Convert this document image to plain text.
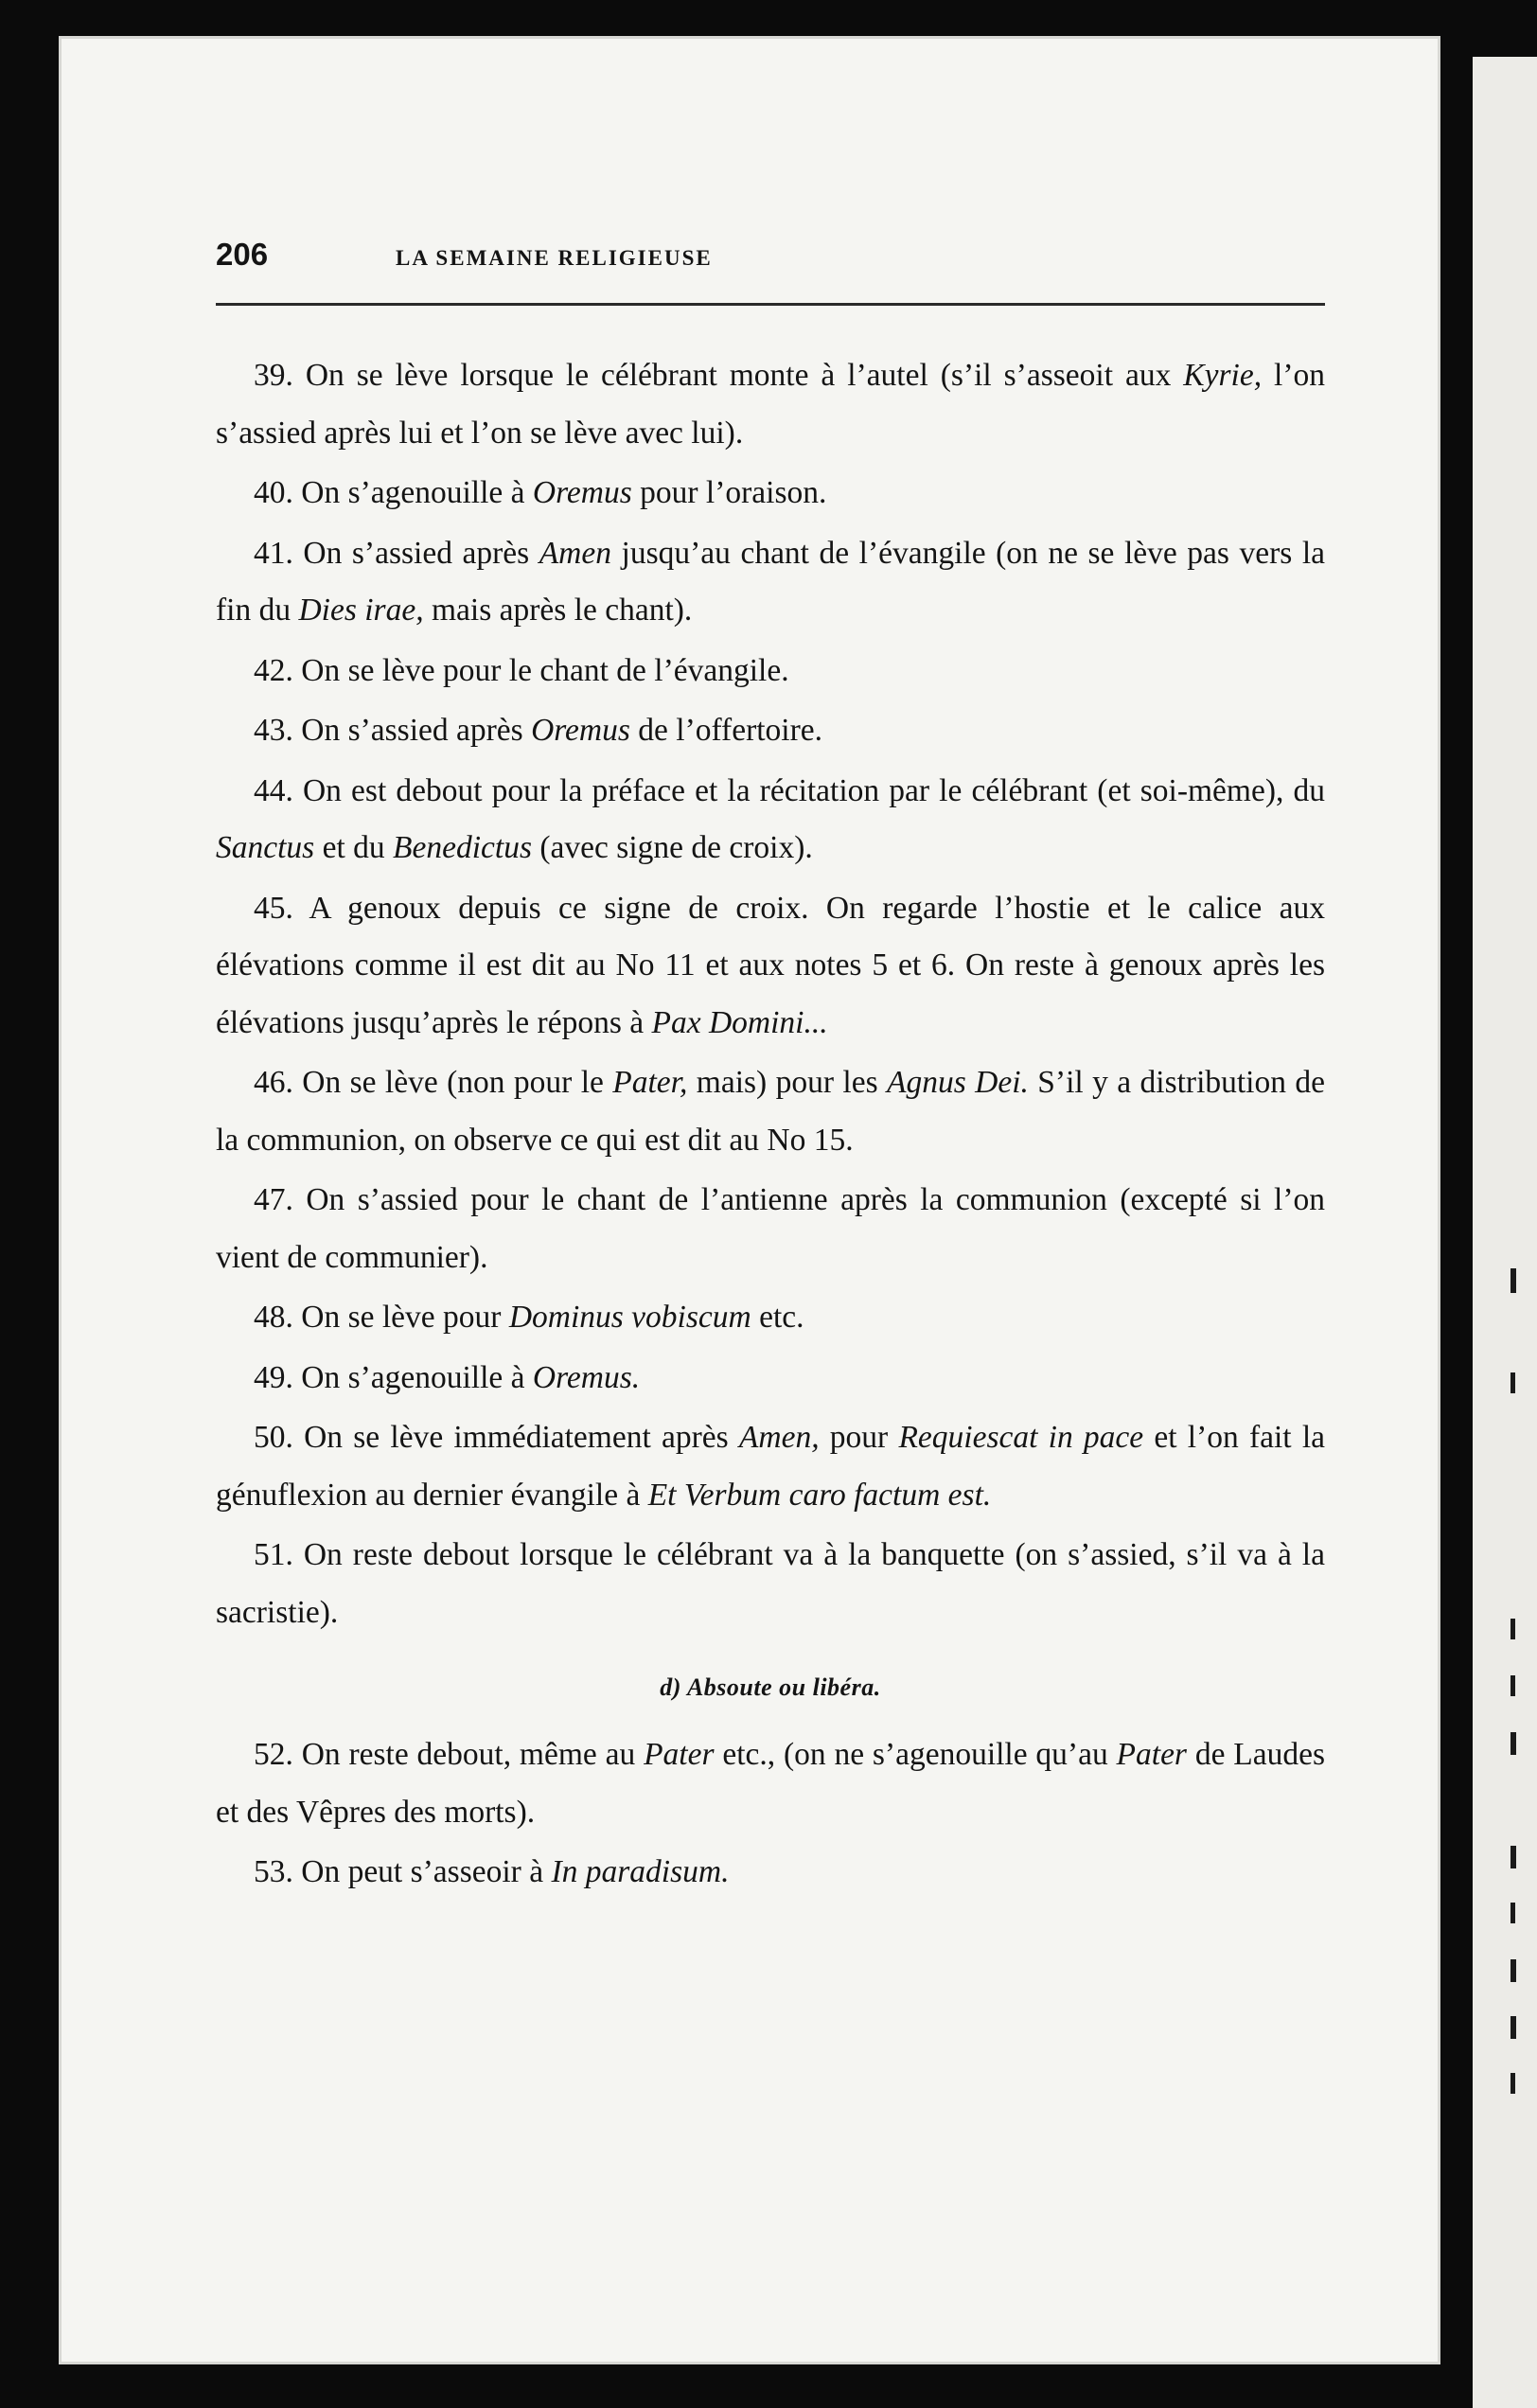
206	LA SEMAINE RELIGIEUSE

39. On se lève lorsque le célébrant monte à l’autel (s’il s’asseoit aux Kyrie, l’on s’assied après lui et l’on se lève avec lui).

40. On s’agenouille à Oremus pour l’oraison.

41. On s’assied après Amen jusqu’au chant de l’évangile (on ne se lève pas vers la fin du Dies irae, mais après le chant).

42. On se lève pour le chant de l’évangile.

43. On s’assied après Oremus de l’offertoire.

44. On est debout pour la préface et la récitation par le célébrant (et soi-même), du Sanctus et du Benedictus (avec signe de croix).

45. A genoux depuis ce signe de croix. On regarde l’hostie et le calice aux élévations comme il est dit au No 11 et aux notes 5 et 6. On reste à genoux après les élévations jusqu’après le répons à Pax Domini...

46. On se lève (non pour le Pater, mais) pour les Agnus Dei. S’il y a distribution de la communion, on observe ce qui est dit au No 15.

47. On s’assied pour le chant de l’antienne après la communion (excepté si l’on vient de communier).

48. On se lève pour Dominus vobiscum etc.

49. On s’agenouille à Oremus.

50. On se lève immédiatement après Amen, pour Requiescat in pace et l’on fait la génuflexion au dernier évangile à Et Verbum caro factum est.

51. On reste debout lorsque le célébrant va à la banquette (on s’assied, s’il va à la sacristie).

d) Absoute ou libéra.

52. On reste debout, même au Pater etc., (on ne s’agenouille qu’au Pater de Laudes et des Vêpres des morts).

53. On peut s’asseoir à In paradisum.
